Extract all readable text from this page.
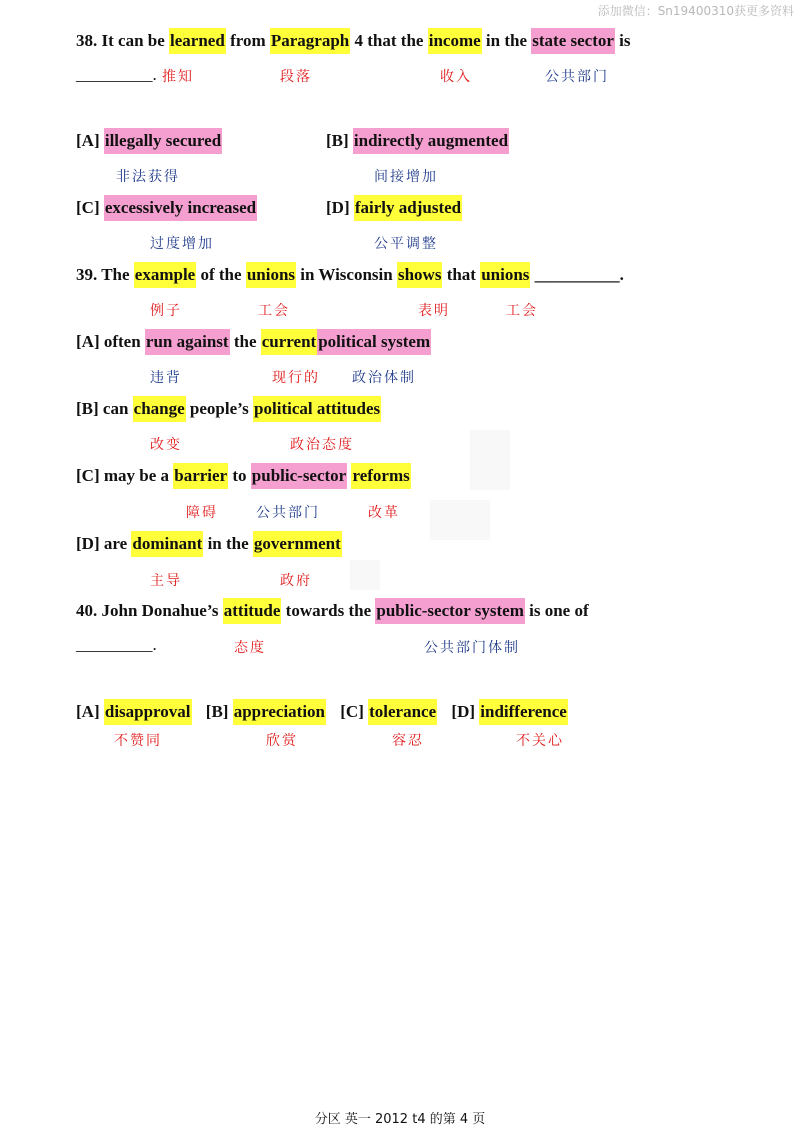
添加微信：Sn19400310获更多资料
38. It can be learned from Paragraph 4 that the income in the state sector is
_________. 推知	段落	收入	公共部门
[A] illegally secured	[B] indirectly augmented
非法获得	间接增加
[C] excessively increased	[D] fairly adjusted
过度增加	公平调整
39. The example of the unions in Wisconsin shows that unions __________.
例子	工会	表明	工会
[A] often run against the current political system
违背	现行的 政治体制
[B] can change people’s political attitudes
改变	政治态度
[C] may be a barrier to public-sector reforms
障碍	公共部门	改革
[D] are dominant in the government
主导	政府
40. John Donahue’s attitude towards the public-sector system is one of
_________.	态度	公共部门体制
[A] disapproval [B] appreciation [C] tolerance [D] indifference
不赞同	欣赏	容忍	不关心
分区 英一 2012 t4 的第 4 页
